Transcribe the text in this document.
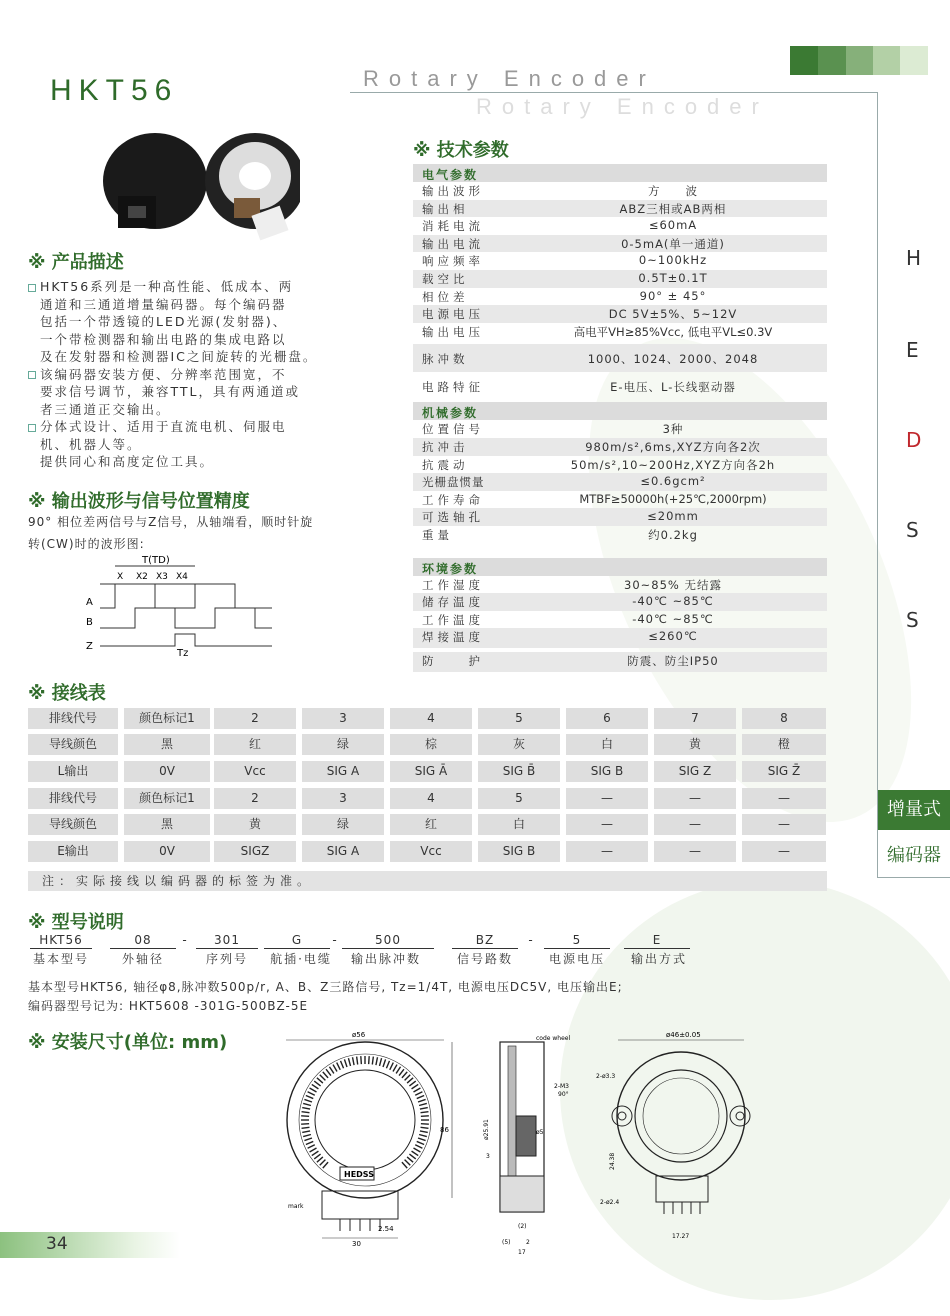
HKT56	Rotary Encoder
Rotary Encoder
※ 产品描述
HKT56系列是一种高性能、低成本、两
通道和三通道增量编码器。每个编码器
包括一个带透镜的LED光源(发射器)、
一个带检测器和输出电路的集成电路以
及在发射器和检测器IC之间旋转的光栅盘。
该编码器安装方便、分辨率范围宽，不
要求信号调节，兼容TTL，具有两通道或
者三通道正交输出。
分体式设计、适用于直流电机、伺服电
机、机器人等。
提供同心和高度定位工具。
※ 输出波形与信号位置精度
90° 相位差两信号与Z信号，从轴端看，顺时针旋
转(CW)时的波形图:
T(TD)
X X2 X3 X4
A
B
Z
Tz
※ 技术参数
电气参数
输出波形	方　　波
输出相	ABZ三相或AB两相
消耗电流	≤60mA
输出电流	0-5mA(单一通道)
响应频率	0~100kHz
载空比	0.5T±0.1T
相位差	90° ± 45°
电源电压	DC 5V±5%、5~12V
输出电压	高电平VH≥85%Vcc, 低电平VL≤0.3V
脉冲数	1000、1024、2000、2048
电路特征	E-电压、L-长线驱动器
机械参数
位置信号	3种
抗冲击	980m/s²,6ms,XYZ方向各2次
抗震动	50m/s²,10~200Hz,XYZ方向各2h
光栅盘惯量	≤0.6gcm²
工作寿命	MTBF≥50000h(+25℃,2000rpm)
可选轴孔	≤20mm
重量	约0.2kg
环境参数
工作湿度	30~85% 无结露
储存温度	-40℃ ~85℃
工作温度	-40℃ ~85℃
焊接温度	≤260℃
防　　护	防震、防尘IP50
H
E
D
S
S
增量式
编码器
※ 接线表
排线代号	颜色标记1	2	3	4	5	6	7	8
导线颜色	黑	红	绿	棕	灰	白	黄	橙
L输出	0V	Vcc	SIG A	SIG Ā	SIG B̄	SIG B	SIG Z	SIG Z̄
排线代号	颜色标记1	2	3	4	5	—	—	—
导线颜色	黑	黄	绿	红	白	—	—	—
E输出	0V	SIGZ	SIG A	Vcc	SIG B	—	—	—
注：实际接线以编码器的标签为准。
※ 型号说明
HKT56	08	-	301	G	-	500	BZ	-	5	E
基本型号	外轴径	序列号	航插·电缆	输出脉冲数	信号路数	电源电压	输出方式
基本型号HKT56, 轴径φ8,脉冲数500p/r, A、B、Z三路信号, Tz=1/4T, 电源电压DC5V, 电压输出E;
编码器型号记为: HKT5608 -301G-500BZ-5E
※ 安装尺寸(单位: mm)	ø56
HEDSS
86
30
2.54
mark
code wheel
2-M3
90°
ø25.91
3
(2)
(5)	2
17
ø5
ø46±0.05
2-ø3.3
24.38
2-ø2.4
17.27
34
